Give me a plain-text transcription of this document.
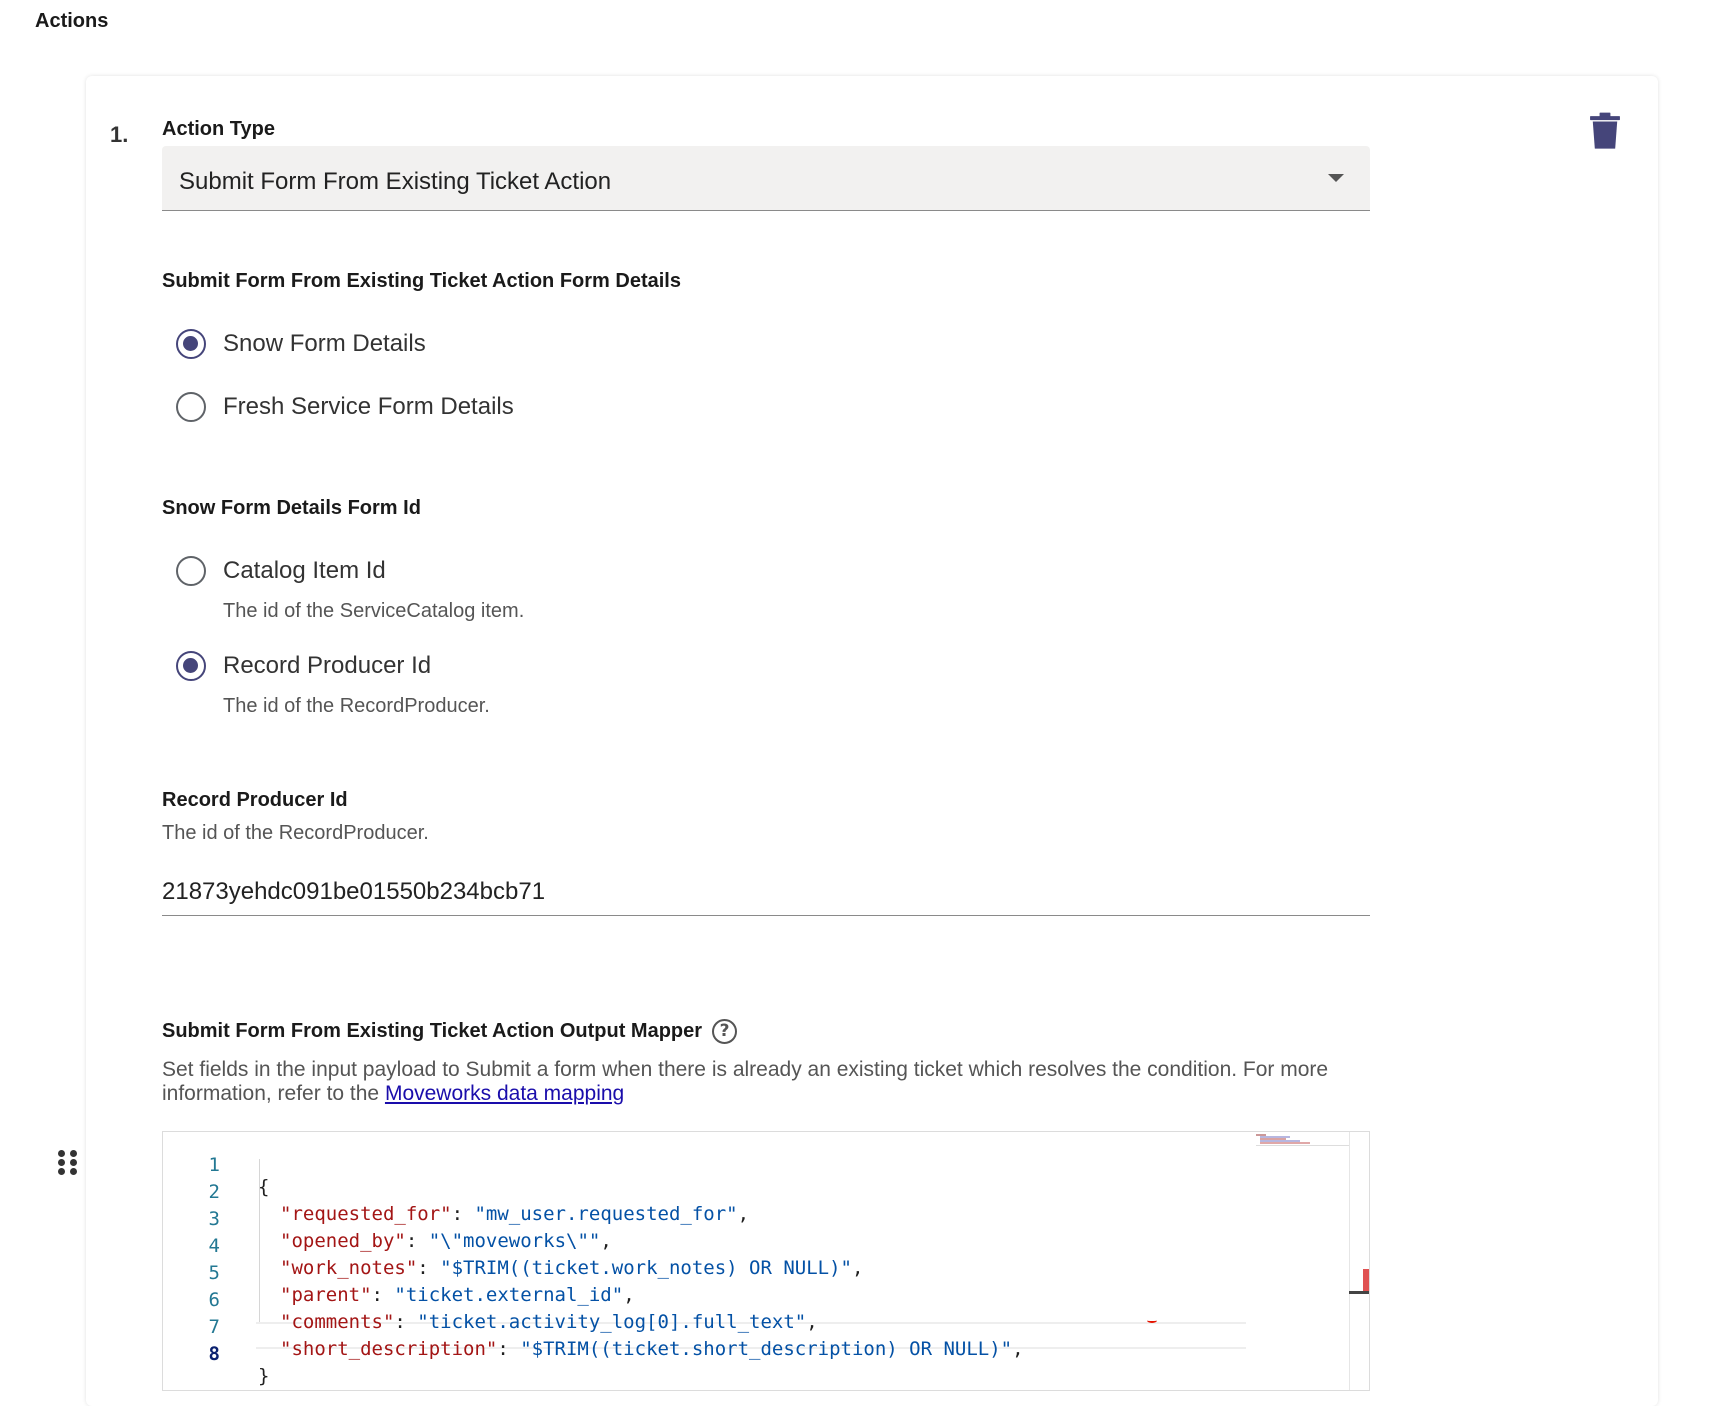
Actions
1. Action Type
Submit Form From Existing Ticket Action
Submit Form From Existing Ticket Action Form Details
Snow Form Details
Fresh Service Form Details
Snow Form Details Form Id
Catalog Item Id
The id of the ServiceCatalog item.
Record Producer Id
The id of the RecordProducer.
Record Producer Id
The id of the RecordProducer.
21873yehdc091be01550b234bcb71
Submit Form From Existing Ticket Action Output Mapper ?
Set fields in the input payload to Submit a form when there is already an existing ticket which resolves the condition. For more information, refer to the Moveworks data mapping

1

{

2

"requested_for": "mw_user.requested_for",

3

"opened_by": "\"moveworks\"",

4

"work_notes": "$TRIM((ticket.work_notes) OR NULL)",

5

"parent": "ticket.external_id",

6

"comments": "ticket.activity_log[0].full_text",

7

"short_description": "$TRIM((ticket.short_description) OR NULL)",

8

}
